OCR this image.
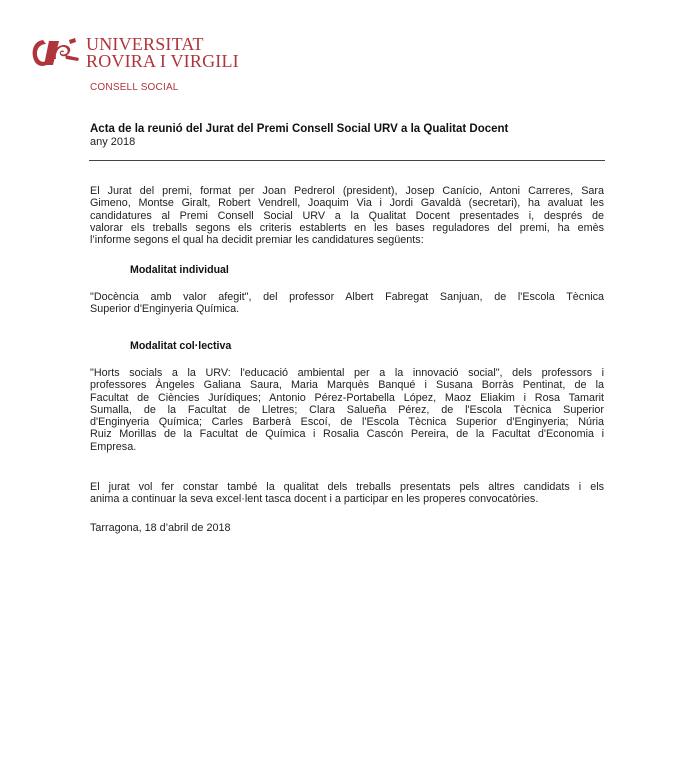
UNIVERSITAT
ROVIRA I VIRGILI
CONSELL SOCIAL
Acta de la reunió del Jurat del Premi Consell Social URV a la Qualitat Docent
any 2018
El Jurat del premi, format per Joan Pedrerol (president), Josep Canício, Antoni Carreres, Sara
Gimeno, Montse Giralt, Robert Vendrell, Joaquim Via i Jordi Gavaldà (secretari), ha avaluat les
candidatures al Premi Consell Social URV a la Qualitat Docent presentades i, després de
valorar els treballs segons els criteris establerts en les bases reguladores del premi, ha emès
l’informe segons el qual ha decidit premiar les candidatures següents:
Modalitat individual
"Docència amb valor afegit", del professor Albert Fabregat Sanjuan, de l'Escola Tècnica
Superior d'Enginyeria Química.
Modalitat col·lectiva
"Horts socials a la URV: l'educació ambiental per a la innovació social", dels professors i
professores Àngeles Galiana Saura, Maria Marquès Banqué i Susana Borràs Pentinat, de la
Facultat de Ciències Jurídiques; Antonio Pérez-Portabella López, Maoz Eliakim i Rosa Tamarit
Sumalla, de la Facultat de Lletres; Clara Salueña Pérez, de l'Escola Tècnica Superior
d'Enginyeria Química; Carles Barberà Escoí, de l'Escola Tècnica Superior d'Enginyeria; Núria
Ruiz Morillas de la Facultat de Química i Rosalia Cascón Pereira, de la Facultat d'Economia i
Empresa.
El jurat vol fer constar també la qualitat dels treballs presentats pels altres candidats i els
anima a continuar la seva excel·lent tasca docent i a participar en les properes convocatòries.
Tarragona, 18 d’abril de 2018
